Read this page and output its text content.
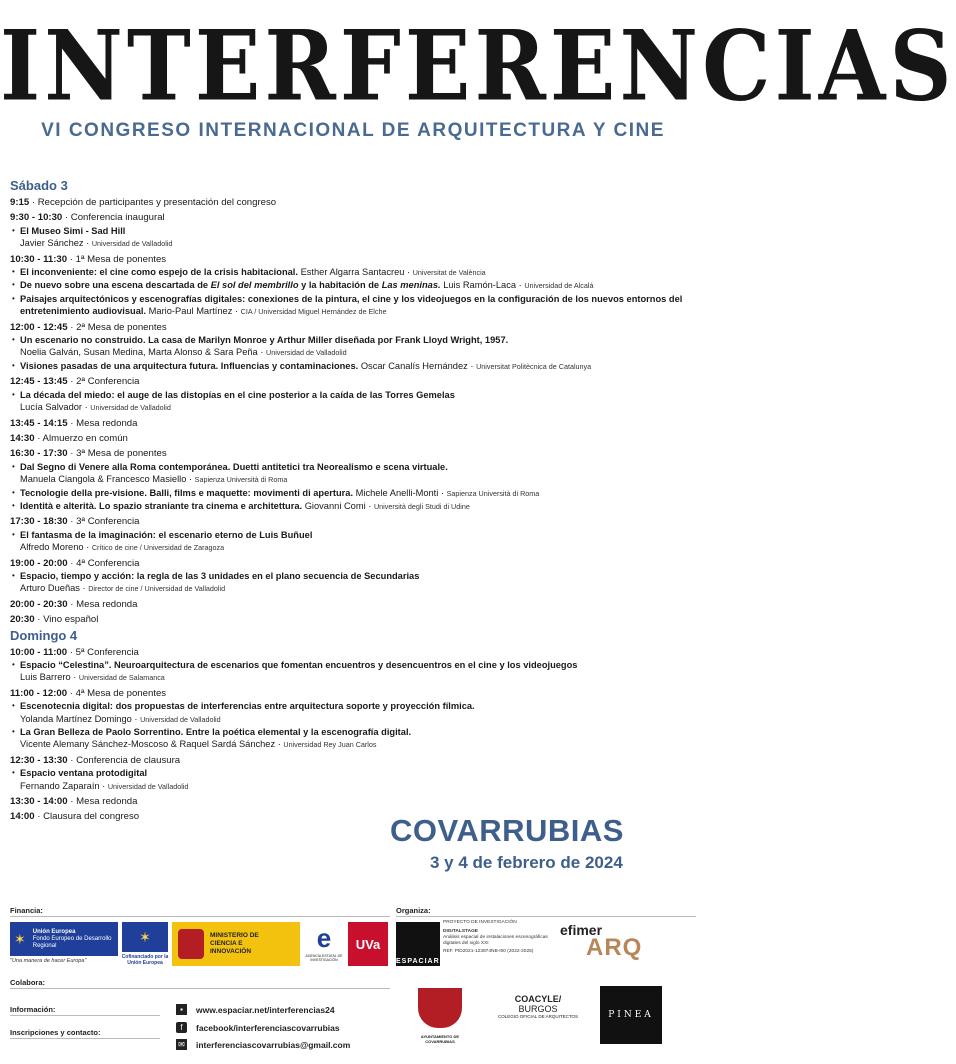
INTERFERENCIAS
VI CONGRESO INTERNACIONAL DE ARQUITECTURA Y CINE
Sábado 3
9:15 · Recepción de participantes y presentación del congreso
9:30 - 10:30 · Conferencia inaugural
• El Museo Simi - Sad Hill
Javier Sánchez · Universidad de Valladolid
10:30 - 11:30 · 1ª Mesa de ponentes
• El inconveniente: el cine como espejo de la crisis habitacional. Esther Algarra Santacreu · Universitat de València
• De nuevo sobre una escena descartada de El sol del membrillo y la habitación de Las meninas. Luis Ramón-Laca · Universidad de Alcalá
• Paisajes arquitectónicos y escenografías digitales: conexiones de la pintura, el cine y los videojuegos en la configuración de los nuevos entornos del entretenimiento audiovisual. Mario-Paul Martínez · CIA / Universidad Miguel Hernández de Elche
12:00 - 12:45 · 2ª Mesa de ponentes
• Un escenario no construido. La casa de Marilyn Monroe y Arthur Miller diseñada por Frank Lloyd Wright, 1957.
Noelia Galván, Susan Medina, Marta Alonso & Sara Peña · Universidad de Valladolid
• Visiones pasadas de una arquitectura futura. Influencias y contaminaciones. Oscar Canalís Hernández · Universitat Politècnica de Catalunya
12:45 - 13:45 · 2ª Conferencia
• La década del miedo: el auge de las distopías en el cine posterior a la caída de las Torres Gemelas
Lucía Salvador · Universidad de Valladolid
13:45 - 14:15 · Mesa redonda
14:30 · Almuerzo en común
16:30 - 17:30 · 3ª Mesa de ponentes
• Dal Segno di Venere alla Roma contemporánea. Duetti antitetici tra Neorealismo e scena virtuale.
Manuela Ciangola & Francesco Masiello · Sapienza Università di Roma
• Tecnologie della pre-visione. Balli, films e maquette: movimenti di apertura. Michele Anelli-Monti · Sapienza Università di Roma
• Identità e alterità. Lo spazio straniante tra cinema e architettura. Giovanni Comi · Università degli Studi di Udine
17:30 - 18:30 · 3ª Conferencia
• El fantasma de la imaginación: el escenario eterno de Luis Buñuel
Alfredo Moreno · Crítico de cine / Universidad de Zaragoza
19:00 - 20:00 · 4ª Conferencia
• Espacio, tiempo y acción: la regla de las 3 unidades en el plano secuencia de Secundarias
Arturo Dueñas · Director de cine / Universidad de Valladolid
20:00 - 20:30 · Mesa redonda
20:30 · Vino español
Domingo 4
10:00 - 11:00 · 5ª Conferencia
• Espacio “Celestina”. Neuroarquitectura de escenarios que fomentan encuentros y desencuentros en el cine y los videojuegos
Luis Barrero · Universidad de Salamanca
11:00 - 12:00 · 4ª Mesa de ponentes
• Escenotecnia digital: dos propuestas de interferencias entre arquitectura soporte y proyección fílmica.
Yolanda Martínez Domingo · Universidad de Valladolid
• La Gran Belleza de Paolo Sorrentino. Entre la poética elemental y la escenografía digital.
Vicente Alemany Sánchez-Moscoso & Raquel Sardá Sánchez · Universidad Rey Juan Carlos
12:30 - 13:30 · Conferencia de clausura
• Espacio ventana protodigital
Fernando Zaparaín · Universidad de Valladolid
13:30 - 14:00 · Mesa redonda
14:00 · Clausura del congreso	COVARRUBIAS
3 y 4 de febrero de 2024
Financia:	Organiza:
✶	Unión Europea
Fondo Europeo de Desarrollo Regional
"Una manera de hacer Europa"
✶
Cofinanciado por la Unión Europea
MINISTERIO DE CIENCIA E INNOVACIÓN	e
AGENCIA ESTATAL DE INVESTIGACIÓN
UVa
ESPACIAR
PROYECTO DE INVESTIGACIÓN
DIGITALSTAGE
Análisis espacial de instalaciones escenográficas digitales del siglo XXI
REF. PID2021-123974NB-I00 (2022-2025)
efimer
ARQ
Colabora:
Información:
Inscripciones y contacto:
▪	www.espaciar.net/interferencias24
f	facebook/interferenciascovarrubias
✉ interferenciascovarrubias@gmail.com
AYUNTAMIENTO DE COVARRUBIAS
COACYLE/
BURGOS
COLEGIO OFICIAL DE ARQUITECTOS	PINEA
